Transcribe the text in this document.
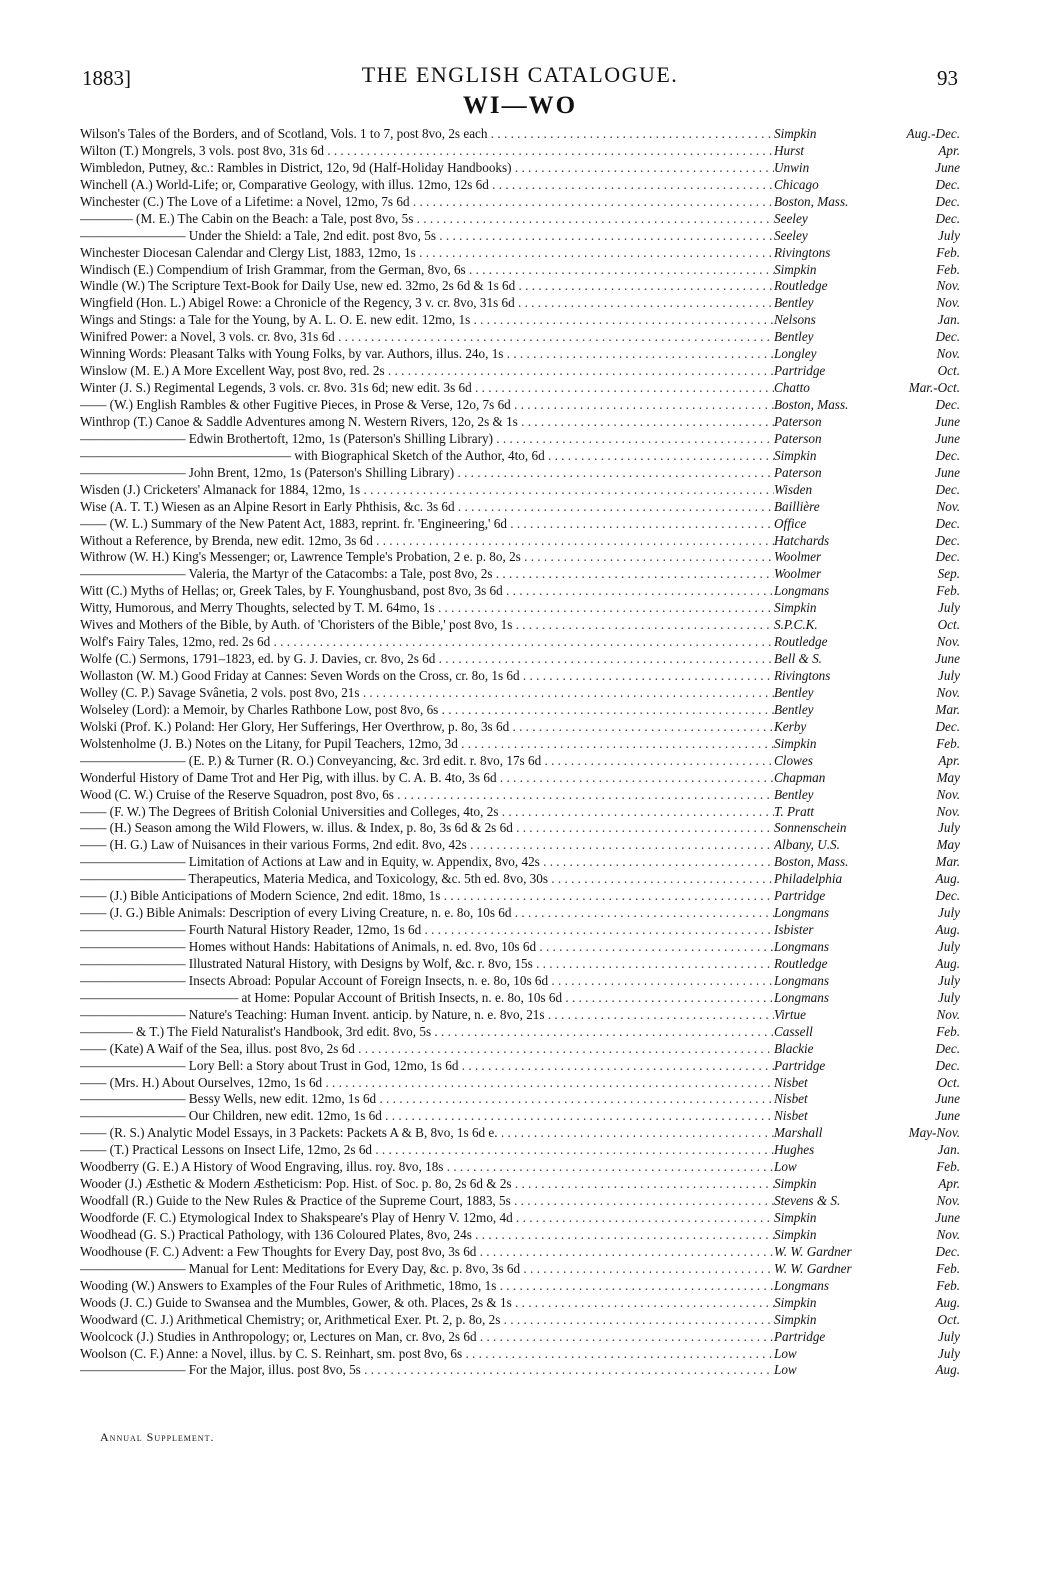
1883]	THE ENGLISH CATALOGUE.	93
WI—WO
Wilson's Tales of the Borders, and of Scotland, Vols. 1 to 7, post 8vo, 2s each . . .	Simpkin	Aug.-Dec.
Wilton (T.) Mongrels, 3 vols. post 8vo, 31s 6d . . .	Hurst	Apr.
Wimbledon, Putney, &c.: Rambles in District, 12o, 9d (Half-Holiday Handbooks) . . .	Unwin	June
Winchell (A.) World-Life; or, Comparative Geology, with illus. 12mo, 12s 6d . . .	Chicago	Dec.
Winchester (C.) The Love of a Lifetime: a Novel, 12mo, 7s 6d . . .	Boston, Mass.	Dec.
———— (M. E.) The Cabin on the Beach: a Tale, post 8vo, 5s . . .	Seeley	Dec.
———————— Under the Shield: a Tale, 2nd edit. post 8vo, 5s . . .	Seeley	July
Winchester Diocesan Calendar and Clergy List, 1883, 12mo, 1s . . .	Rivingtons	Feb.
Windisch (E.) Compendium of Irish Grammar, from the German, 8vo, 6s . . .	Simpkin	Feb.
Windle (W.) The Scripture Text-Book for Daily Use, new ed. 32mo, 2s 6d & 1s 6d . . .	Routledge	Nov.
Wingfield (Hon. L.) Abigel Rowe: a Chronicle of the Regency, 3 v. cr. 8vo, 31s 6d . . .	Bentley	Nov.
Wings and Stings: a Tale for the Young, by A. L. O. E. new edit. 12mo, 1s . . .	Nelsons	Jan.
Winifred Power: a Novel, 3 vols. cr. 8vo, 31s 6d . . .	Bentley	Dec.
Winning Words: Pleasant Talks with Young Folks, by var. Authors, illus. 24o, 1s . . .	Longley	Nov.
Winslow (M. E.) A More Excellent Way, post 8vo, red. 2s . . .	Partridge	Oct.
Winter (J. S.) Regimental Legends, 3 vols. cr. 8vo. 31s 6d; new edit. 3s 6d . . .	Chatto	Mar.-Oct.
—— (W.) English Rambles & other Fugitive Pieces, in Prose & Verse, 12o, 7s 6d . . .	Boston, Mass.	Dec.
Winthrop (T.) Canoe & Saddle Adventures among N. Western Rivers, 12o, 2s & 1s . . .	Paterson	June
———————— Edwin Brothertoft, 12mo, 1s (Paterson's Shilling Library) . . .	Paterson	June
———————————————— with Biographical Sketch of the Author, 4to, 6d . . .	Simpkin	Dec.
———————— John Brent, 12mo, 1s (Paterson's Shilling Library) . . .	Paterson	June
Wisden (J.) Cricketers' Almanack for 1884, 12mo, 1s . . .	Wisden	Dec.
Wise (A. T. T.) Wiesen as an Alpine Resort in Early Phthisis, &c. 3s 6d . . .	Baillière	Nov.
—— (W. L.) Summary of the New Patent Act, 1883, reprint. fr. 'Engineering,' 6d . . .	Office	Dec.
Without a Reference, by Brenda, new edit. 12mo, 3s 6d . . .	Hatchards	Dec.
Withrow (W. H.) King's Messenger; or, Lawrence Temple's Probation, 2 e. p. 8o, 2s . . .	Woolmer	Dec.
———————— Valeria, the Martyr of the Catacombs: a Tale, post 8vo, 2s . . .	Woolmer	Sep.
Witt (C.) Myths of Hellas; or, Greek Tales, by F. Younghusband, post 8vo, 3s 6d . . .	Longmans	Feb.
Witty, Humorous, and Merry Thoughts, selected by T. M. 64mo, 1s . . .	Simpkin	July
Wives and Mothers of the Bible, by Auth. of 'Choristers of the Bible,' post 8vo, 1s . . .	S.P.C.K.	Oct.
Wolf's Fairy Tales, 12mo, red. 2s 6d . . .	Routledge	Nov.
Wolfe (C.) Sermons, 1791–1823, ed. by G. J. Davies, cr. 8vo, 2s 6d . . .	Bell & S.	June
Wollaston (W. M.) Good Friday at Cannes: Seven Words on the Cross, cr. 8o, 1s 6d . . .	Rivingtons	July
Wolley (C. P.) Savage Svânetia, 2 vols. post 8vo, 21s . . .	Bentley	Nov.
Wolseley (Lord): a Memoir, by Charles Rathbone Low, post 8vo, 6s . . .	Bentley	Mar.
Wolski (Prof. K.) Poland: Her Glory, Her Sufferings, Her Overthrow, p. 8o, 3s 6d . . .	Kerby	Dec.
Wolstenholme (J. B.) Notes on the Litany, for Pupil Teachers, 12mo, 3d . . .	Simpkin	Feb.
———————— (E. P.) & Turner (R. O.) Conveyancing, &c. 3rd edit. r. 8vo, 17s 6d . . .	Clowes	Apr.
Wonderful History of Dame Trot and Her Pig, with illus. by C. A. B. 4to, 3s 6d . . .	Chapman	May
Wood (C. W.) Cruise of the Reserve Squadron, post 8vo, 6s . . .	Bentley	Nov.
—— (F. W.) The Degrees of British Colonial Universities and Colleges, 4to, 2s . . .	T. Pratt	Nov.
—— (H.) Season among the Wild Flowers, w. illus. & Index, p. 8o, 3s 6d & 2s 6d . . .	Sonnenschein	July
—— (H. G.) Law of Nuisances in their various Forms, 2nd edit. 8vo, 42s . . .	Albany, U.S.	May
———————— Limitation of Actions at Law and in Equity, w. Appendix, 8vo, 42s . . .	Boston, Mass.	Mar.
———————— Therapeutics, Materia Medica, and Toxicology, &c. 5th ed. 8vo, 30s . . .	Philadelphia	Aug.
—— (J.) Bible Anticipations of Modern Science, 2nd edit. 18mo, 1s . . .	Partridge	Dec.
—— (J. G.) Bible Animals: Description of every Living Creature, n. e. 8o, 10s 6d . . .	Longmans	July
———————— Fourth Natural History Reader, 12mo, 1s 6d . . .	Isbister	Aug.
———————— Homes without Hands: Habitations of Animals, n. ed. 8vo, 10s 6d . . .	Longmans	July
———————— Illustrated Natural History, with Designs by Wolf, &c. r. 8vo, 15s . . .	Routledge	Aug.
———————— Insects Abroad: Popular Account of Foreign Insects, n. e. 8o, 10s 6d . . .	Longmans	July
———————————— at Home: Popular Account of British Insects, n. e. 8o, 10s 6d . . .	Longmans	July
———————— Nature's Teaching: Human Invent. anticip. by Nature, n. e. 8vo, 21s . . .	Virtue	Nov.
———— & T.) The Field Naturalist's Handbook, 3rd edit. 8vo, 5s . . .	Cassell	Feb.
—— (Kate) A Waif of the Sea, illus. post 8vo, 2s 6d . . .	Blackie	Dec.
———————— Lory Bell: a Story about Trust in God, 12mo, 1s 6d . . .	Partridge	Dec.
—— (Mrs. H.) About Ourselves, 12mo, 1s 6d . . .	Nisbet	Oct.
———————— Bessy Wells, new edit. 12mo, 1s 6d . . .	Nisbet	June
———————— Our Children, new edit. 12mo, 1s 6d . . .	Nisbet	June
—— (R. S.) Analytic Model Essays, in 3 Packets: Packets A & B, 8vo, 1s 6d e. . . .	Marshall	May-Nov.
—— (T.) Practical Lessons on Insect Life, 12mo, 2s 6d . . .	Hughes	Jan.
Woodberry (G. E.) A History of Wood Engraving, illus. roy. 8vo, 18s . . .	Low	Feb.
Wooder (J.) Æsthetic & Modern Æstheticism: Pop. Hist. of Soc. p. 8o, 2s 6d & 2s . . .	Simpkin	Apr.
Woodfall (R.) Guide to the New Rules & Practice of the Supreme Court, 1883, 5s . . .	Stevens & S.	Nov.
Woodforde (F. C.) Etymological Index to Shakspeare's Play of Henry V. 12mo, 4d . . .	Simpkin	June
Woodhead (G. S.) Practical Pathology, with 136 Coloured Plates, 8vo, 24s . . .	Simpkin	Nov.
Woodhouse (F. C.) Advent: a Few Thoughts for Every Day, post 8vo, 3s 6d . . .	W. W. Gardner	Dec.
———————— Manual for Lent: Meditations for Every Day, &c. p. 8vo, 3s 6d . . .	W. W. Gardner	Feb.
Wooding (W.) Answers to Examples of the Four Rules of Arithmetic, 18mo, 1s . . .	Longmans	Feb.
Woods (J. C.) Guide to Swansea and the Mumbles, Gower, & oth. Places, 2s & 1s . . .	Simpkin	Aug.
Woodward (C. J.) Arithmetical Chemistry; or, Arithmetical Exer. Pt. 2, p. 8o, 2s . . .	Simpkin	Oct.
Woolcock (J.) Studies in Anthropology; or, Lectures on Man, cr. 8vo, 2s 6d . . .	Partridge	July
Woolson (C. F.) Anne: a Novel, illus. by C. S. Reinhart, sm. post 8vo, 6s . . .	Low	July
———————— For the Major, illus. post 8vo, 5s . . .	Low	Aug.
Annual Supplement.
